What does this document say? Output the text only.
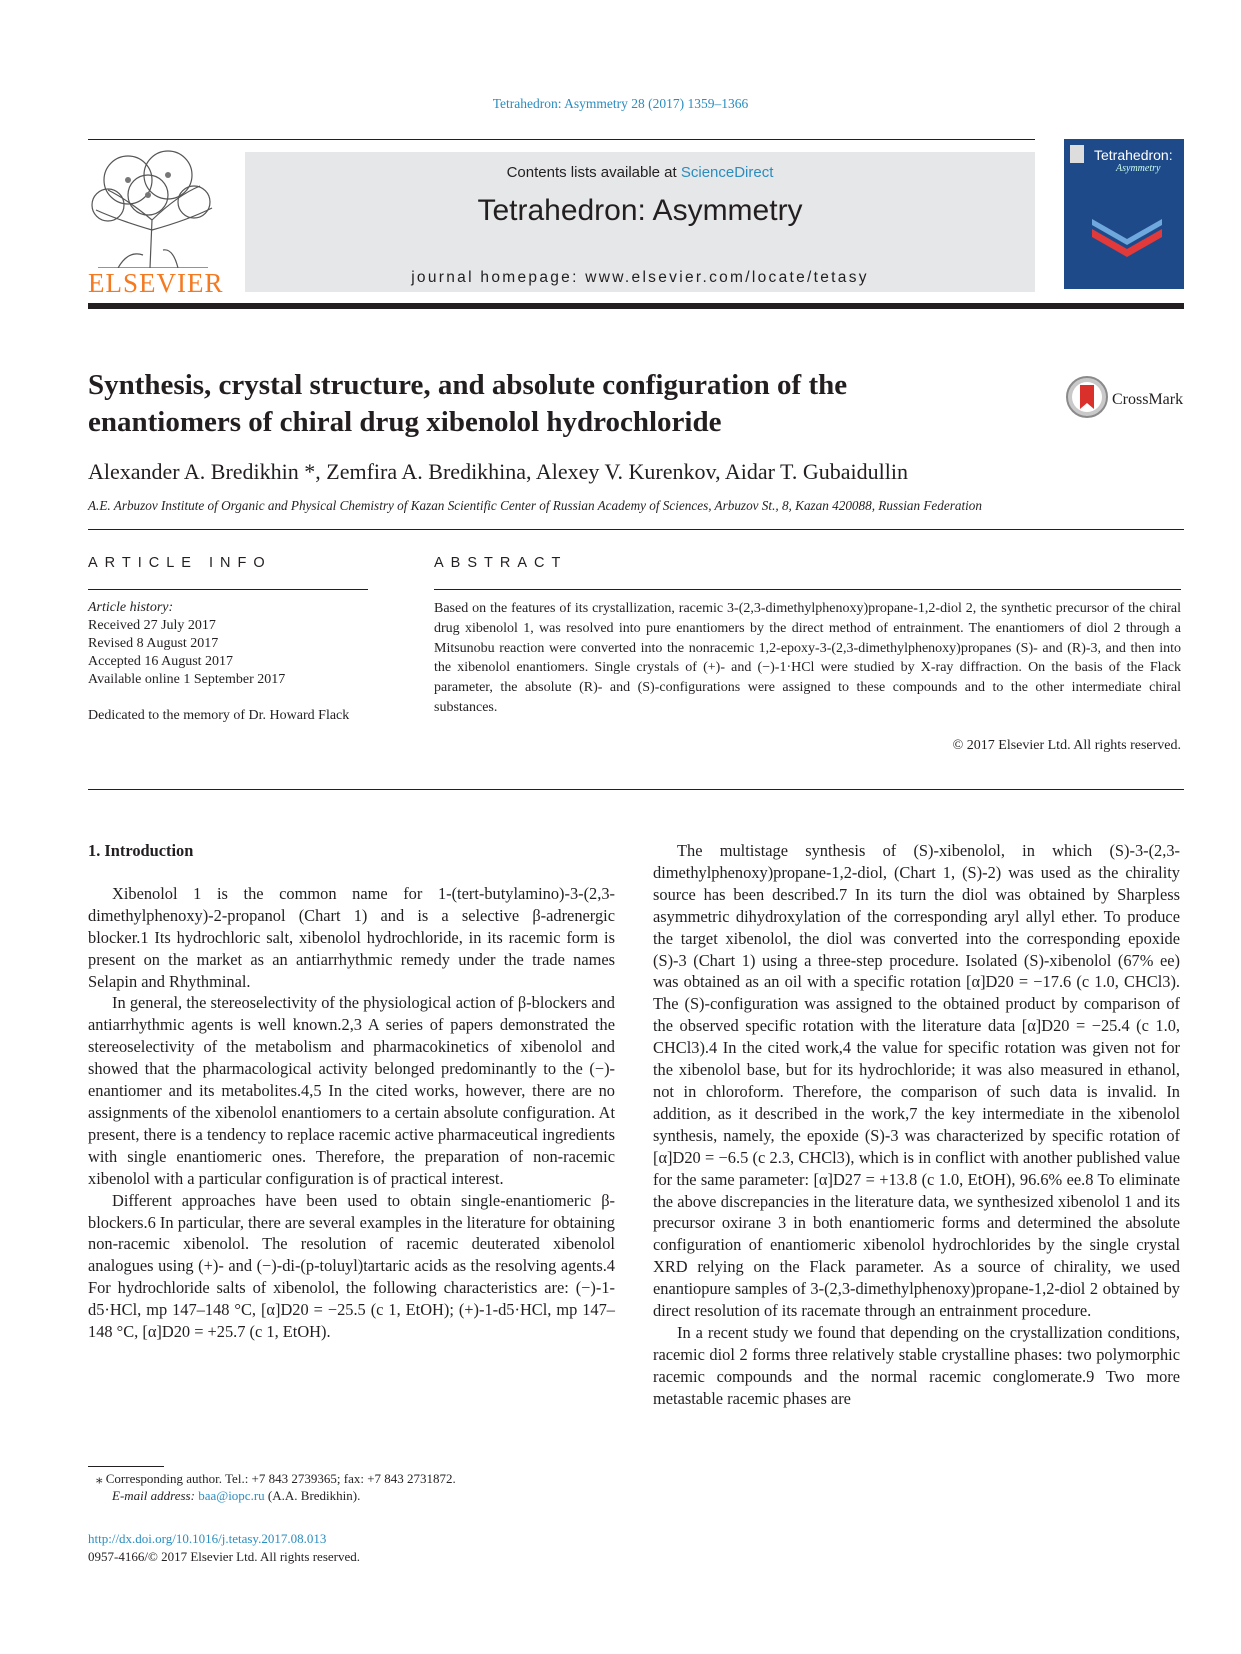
Tetrahedron: Asymmetry 28 (2017) 1359–1366
ELSEVIER
Contents lists available at ScienceDirect
Tetrahedron: Asymmetry
journal homepage: www.elsevier.com/locate/tetasy
Tetrahedron:
Asymmetry
Synthesis, crystal structure, and absolute configuration of the
enantiomers of chiral drug xibenolol hydrochloride
CrossMark
Alexander A. Bredikhin *, Zemfira A. Bredikhina, Alexey V. Kurenkov, Aidar T. Gubaidullin
A.E. Arbuzov Institute of Organic and Physical Chemistry of Kazan Scientific Center of Russian Academy of Sciences, Arbuzov St., 8, Kazan 420088, Russian Federation
ARTICLE INFO
Article history:
Received 27 July 2017
Revised 8 August 2017
Accepted 16 August 2017
Available online 1 September 2017
Dedicated to the memory of Dr. Howard Flack
ABSTRACT
Based on the features of its crystallization, racemic 3-(2,3-dimethylphenoxy)propane-1,2-diol 2, the synthetic precursor of the chiral drug xibenolol 1, was resolved into pure enantiomers by the direct method of entrainment. The enantiomers of diol 2 through a Mitsunobu reaction were converted into the nonracemic 1,2-epoxy-3-(2,3-dimethylphenoxy)propanes (S)- and (R)-3, and then into the xibenolol enantiomers. Single crystals of (+)- and (−)-1·HCl were studied by X-ray diffraction. On the basis of the Flack parameter, the absolute (R)- and (S)-configurations were assigned to these compounds and to the other intermediate chiral substances.
© 2017 Elsevier Ltd. All rights reserved.
1. Introduction

Xibenolol 1 is the common name for 1-(tert-butylamino)-3-(2,3-dimethylphenoxy)-2-propanol (Chart 1) and is a selective β-adrenergic blocker.1 Its hydrochloric salt, xibenolol hydrochloride, in its racemic form is present on the market as an antiarrhythmic remedy under the trade names Selapin and Rhythminal.

In general, the stereoselectivity of the physiological action of β-blockers and antiarrhythmic agents is well known.2,3 A series of papers demonstrated the stereoselectivity of the metabolism and pharmacokinetics of xibenolol and showed that the pharmacological activity belonged predominantly to the (−)-enantiomer and its metabolites.4,5 In the cited works, however, there are no assignments of the xibenolol enantiomers to a certain absolute configuration. At present, there is a tendency to replace racemic active pharmaceutical ingredients with single enantiomeric ones. Therefore, the preparation of non-racemic xibenolol with a particular configuration is of practical interest.

Different approaches have been used to obtain single-enantiomeric β-blockers.6 In particular, there are several examples in the literature for obtaining non-racemic xibenolol. The resolution of racemic deuterated xibenolol analogues using (+)- and (−)-di-(p-toluyl)tartaric acids as the resolving agents.4 For hydrochloride salts of xibenolol, the following characteristics are: (−)-1-d5·HCl, mp 147–148 °C, [α]D20 = −25.5 (c 1, EtOH); (+)-1-d5·HCl, mp 147–148 °C, [α]D20 = +25.7 (c 1, EtOH).

The multistage synthesis of (S)-xibenolol, in which (S)-3-(2,3-dimethylphenoxy)propane-1,2-diol, (Chart 1, (S)-2) was used as the chirality source has been described.7 In its turn the diol was obtained by Sharpless asymmetric dihydroxylation of the corresponding aryl allyl ether. To produce the target xibenolol, the diol was converted into the corresponding epoxide (S)-3 (Chart 1) using a three-step procedure. Isolated (S)-xibenolol (67% ee) was obtained as an oil with a specific rotation [α]D20 = −17.6 (c 1.0, CHCl3). The (S)-configuration was assigned to the obtained product by comparison of the observed specific rotation with the literature data [α]D20 = −25.4 (c 1.0, CHCl3).4 In the cited work,4 the value for specific rotation was given not for the xibenolol base, but for its hydrochloride; it was also measured in ethanol, not in chloroform. Therefore, the comparison of such data is invalid. In addition, as it described in the work,7 the key intermediate in the xibenolol synthesis, namely, the epoxide (S)-3 was characterized by specific rotation of [α]D20 = −6.5 (c 2.3, CHCl3), which is in conflict with another published value for the same parameter: [α]D27 = +13.8 (c 1.0, EtOH), 96.6% ee.8 To eliminate the above discrepancies in the literature data, we synthesized xibenolol 1 and its precursor oxirane 3 in both enantiomeric forms and determined the absolute configuration of enantiomeric xibenolol hydrochlorides by the single crystal XRD relying on the Flack parameter. As a source of chirality, we used enantiopure samples of 3-(2,3-dimethylphenoxy)propane-1,2-diol 2 obtained by direct resolution of its racemate through an entrainment procedure.

In a recent study we found that depending on the crystallization conditions, racemic diol 2 forms three relatively stable crystalline phases: two polymorphic racemic compounds and the normal racemic conglomerate.9 Two more metastable racemic phases are

⁎ Corresponding author. Tel.: +7 843 2739365; fax: +7 843 2731872.
E-mail address: baa@iopc.ru (A.A. Bredikhin).
http://dx.doi.org/10.1016/j.tetasy.2017.08.013
0957-4166/© 2017 Elsevier Ltd. All rights reserved.
